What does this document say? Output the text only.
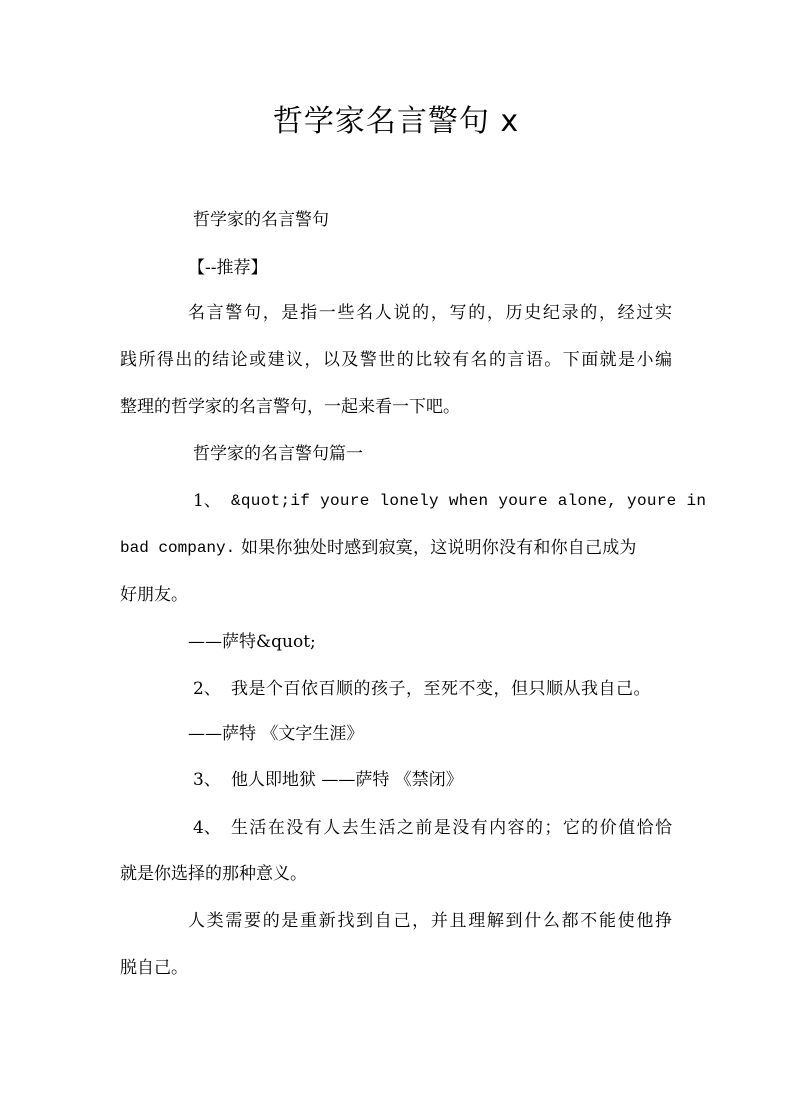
哲学家名言警句 x
哲学家的名言警句
【--推荐】
名言警句，是指一些名人说的，写的，历史纪录的，经过实
践所得出的结论或建议，以及警世的比较有名的言语。下面就是小编
整理的哲学家的名言警句，一起来看一下吧。
哲学家的名言警句篇一
1、 &quot;if youre lonely when youre alone, youre in
bad company. 如果你独处时感到寂寞，这说明你没有和你自己成为
好朋友。
——萨特&quot;
2、 我是个百依百顺的孩子，至死不变，但只顺从我自己。
——萨特 《文字生涯》
3、 他人即地狱 ——萨特 《禁闭》
4、 生活在没有人去生活之前是没有内容的；它的价值恰恰
就是你选择的那种意义。
人类需要的是重新找到自己，并且理解到什么都不能使他挣
脱自己。
